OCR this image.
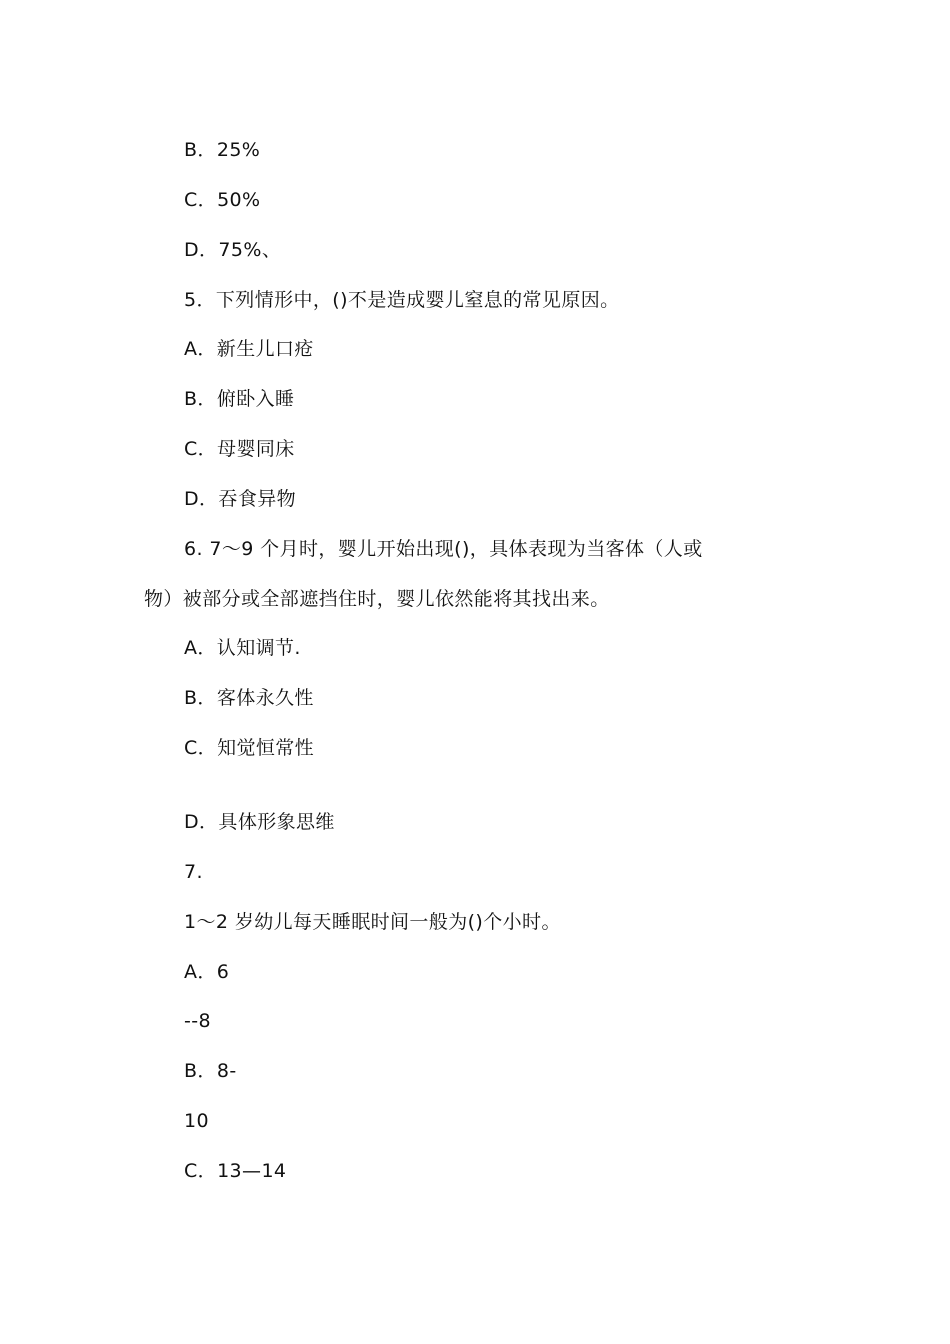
B．25%
C．50%
D．75%、
5．下列情形中，()不是造成婴儿窒息的常见原因。
A．新生儿口疮
B．俯卧入睡
C．母婴同床
D．吞食异物
6. 7～9 个月时，婴儿开始出现()，具体表现为当客体（人或
物）被部分或全部遮挡住时，婴儿依然能将其找出来。
A．认知调节.
B．客体永久性
C．知觉恒常性
D．具体形象思维
7.
1～2 岁幼儿每天睡眠时间一般为()个小时。
A．6
--8
B．8-
10
C．13—14
